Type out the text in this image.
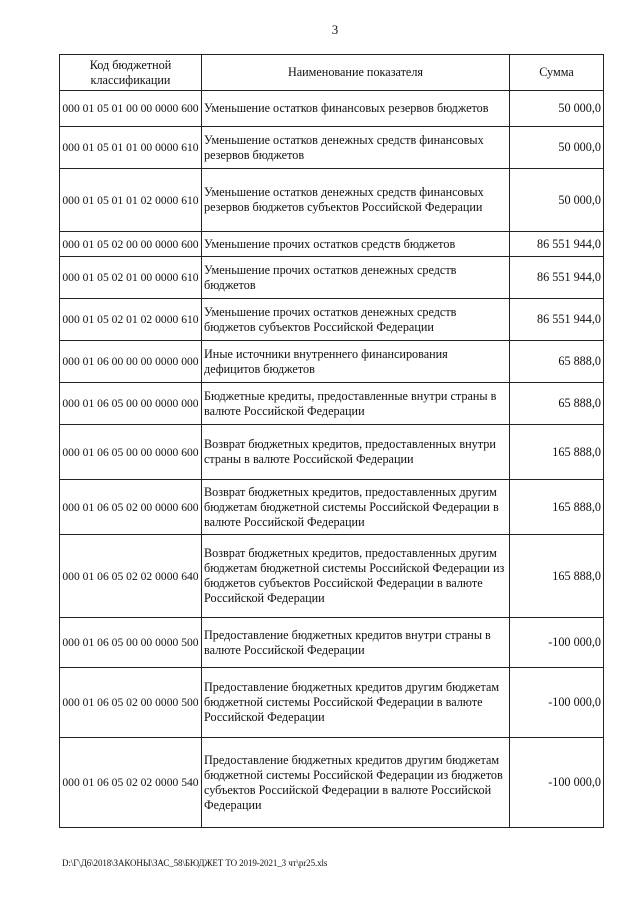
3
Код бюджетной классификации	Наименование показателя	Сумма
000 01 05 01 00 00 0000 600	Уменьшение остатков финансовых резервов бюджетов	50 000,0
000 01 05 01 01 00 0000 610	Уменьшение остатков денежных средств финансовых резервов бюджетов	50 000,0
000 01 05 01 01 02 0000 610	Уменьшение остатков денежных средств финансовых резервов бюджетов субъектов Российской Федерации	50 000,0
000 01 05 02 00 00 0000 600	Уменьшение прочих остатков средств бюджетов	86 551 944,0
000 01 05 02 01 00 0000 610	Уменьшение прочих остатков денежных средств бюджетов	86 551 944,0
000 01 05 02 01 02 0000 610	Уменьшение прочих остатков денежных средств бюджетов субъектов Российской Федерации	86 551 944,0
000 01 06 00 00 00 0000 000	Иные источники внутреннего финансирования дефицитов бюджетов	65 888,0
000 01 06 05 00 00 0000 000	Бюджетные кредиты, предоставленные внутри страны в валюте Российской Федерации	65 888,0
000 01 06 05 00 00 0000 600	Возврат бюджетных кредитов, предоставленных внутри страны в валюте Российской Федерации	165 888,0
000 01 06 05 02 00 0000 600	Возврат бюджетных кредитов, предоставленных другим бюджетам бюджетной системы Российской Федерации в валюте Российской Федерации	165 888,0
000 01 06 05 02 02 0000 640	Возврат бюджетных кредитов, предоставленных другим бюджетам бюджетной системы Российской Федерации из бюджетов субъектов Российской Федерации в валюте Российской Федерации	165 888,0
000 01 06 05 00 00 0000 500	Предоставление бюджетных кредитов внутри страны в валюте Российской Федерации	-100 000,0
000 01 06 05 02 00 0000 500	Предоставление бюджетных кредитов другим бюджетам бюджетной системы Российской Федерации в валюте Российской Федерации	-100 000,0
000 01 06 05 02 02 0000 540	Предоставление бюджетных кредитов другим бюджетам бюджетной системы Российской Федерации из бюджетов субъектов Российской Федерации в валюте Российской Федерации	-100 000,0
D:\Г\Д6\2018\ЗАКОНЫ\ЗАС_58\БЮДЖЕТ ТО 2019-2021_3 чт\pr25.xls
